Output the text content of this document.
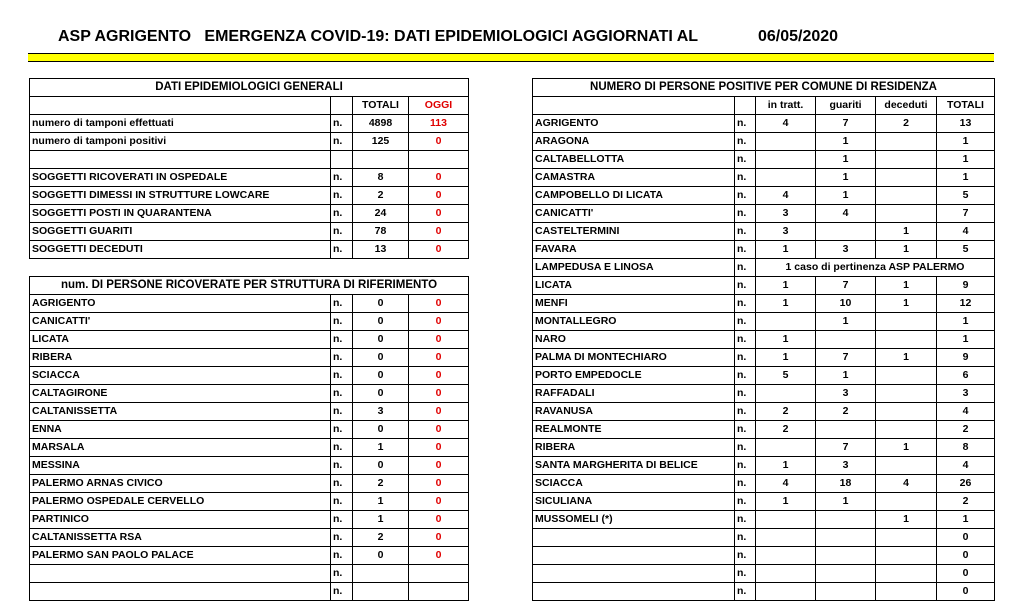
ASP AGRIGENTO   EMERGENZA COVID-19: DATI EPIDEMIOLOGICI AGGIORNATI AL	06/05/2020
DATI EPIDEMIOLOGICI GENERALI			
		TOTALI	OGGI
numero di tamponi effettuati	n.	4898	113
numero di tamponi positivi	n.	125	0

SOGGETTI RICOVERATI IN OSPEDALE	n.	8	0
SOGGETTI DIMESSI IN STRUTTURE LOWCARE	n.	2	0
SOGGETTI POSTI IN QUARANTENA	n.	24	0
SOGGETTI GUARITI	n.	78	0
SOGGETTI DECEDUTI	n.	13	0
num. DI PERSONE RICOVERATE PER STRUTTURA DI RIFERIMENTO			
AGRIGENTO	n.	0	0
CANICATTI'	n.	0	0
LICATA	n.	0	0
RIBERA	n.	0	0
SCIACCA	n.	0	0
CALTAGIRONE	n.	0	0
CALTANISSETTA	n.	3	0
ENNA	n.	0	0
MARSALA	n.	1	0
MESSINA	n.	0	0
PALERMO ARNAS CIVICO	n.	2	0
PALERMO OSPEDALE CERVELLO	n.	1	0
PARTINICO	n.	1	0
CALTANISSETTA RSA	n.	2	0
PALERMO SAN PAOLO PALACE	n.	0	0
	n.		
	n.		
NUMERO DI PERSONE POSITIVE PER COMUNE DI RESIDENZA					
		in tratt.	guariti	deceduti	TOTALI
AGRIGENTO	n.	4	7	2	13
ARAGONA	n.		1		1
CALTABELLOTTA	n.		1		1
CAMASTRA	n.		1		1
CAMPOBELLO DI LICATA	n.	4	1		5
CANICATTI'	n.	3	4		7
CASTELTERMINI	n.	3		1	4
FAVARA	n.	1	3	1	5
LAMPEDUSA E LINOSA	n.	1 caso di pertinenza ASP PALERMO			
LICATA	n.	1	7	1	9
MENFI	n.	1	10	1	12
MONTALLEGRO	n.		1		1
NARO	n.	1			1
PALMA DI MONTECHIARO	n.	1	7	1	9
PORTO EMPEDOCLE	n.	5	1		6
RAFFADALI	n.		3		3
RAVANUSA	n.	2	2		4
REALMONTE	n.	2			2
RIBERA	n.		7	1	8
SANTA MARGHERITA DI BELICE	n.	1	3		4
SCIACCA	n.	4	18	4	26
SICULIANA	n.	1	1		2
MUSSOMELI (*)	n.			1	1
	n.				0
	n.				0
	n.				0
	n.				0
